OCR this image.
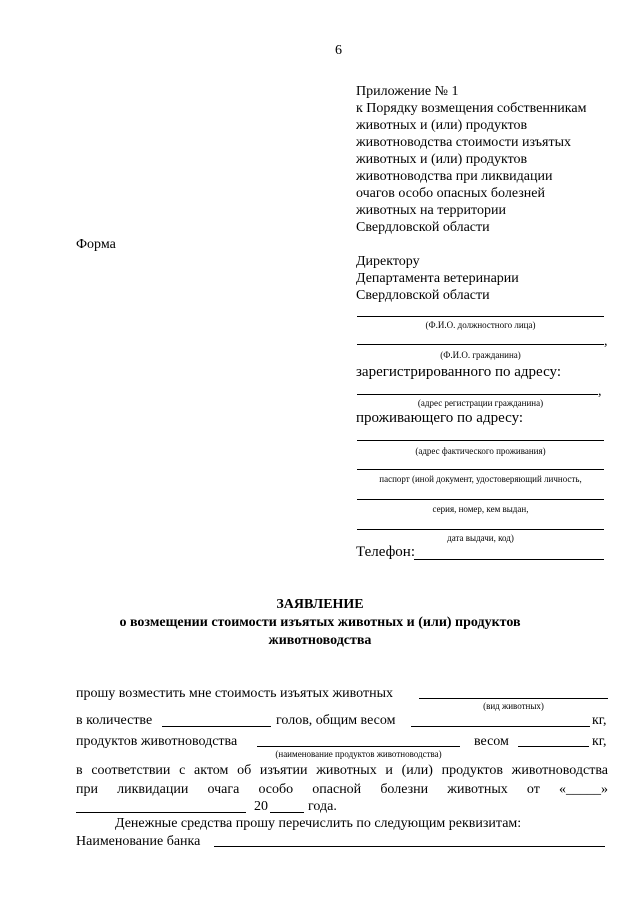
6
Приложение № 1
к Порядку возмещения собственникам
животных и (или) продуктов
животноводства стоимости изъятых
животных и (или) продуктов
животноводства при ликвидации
очагов особо опасных болезней
животных на территории
Свердловской области
Форма
Директору
Департамента ветеринарии
Свердловской области
(Ф.И.О. должностного лица)
,
(Ф.И.О. гражданина)
зарегистрированного по адресу:
,
(адрес регистрации гражданина)
проживающего по адресу:
(адрес фактического проживания)
паспорт (иной документ, удостоверяющий личность,
серия, номер, кем выдан,
дата выдачи, код)
Телефон:
ЗАЯВЛЕНИЕ
о возмещении стоимости изъятых животных и (или) продуктов
животноводства
прошу возместить мне стоимость изъятых животных
(вид животных)
в количестве	голов, общим весом	кг,
продуктов животноводства	весом	кг,
(наименование продуктов животноводства)
в соответствии с актом об изъятии животных и (или) продуктов животноводства
при ликвидации очага особо опасной болезни животных от «_____»
20	года.
Денежные средства прошу перечислить по следующим реквизитам:
Наименование банка
